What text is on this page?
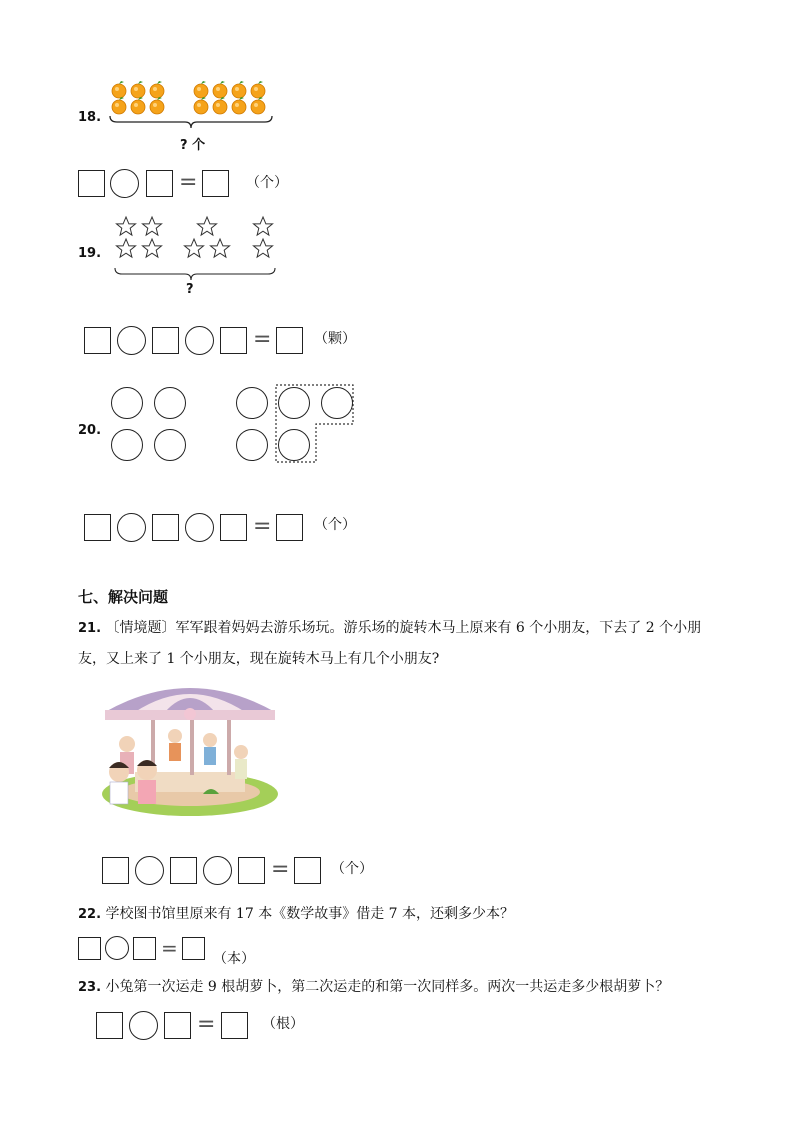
18.
? 个
=	（个）
19.
?
=	（颗）
20.
=	（个）
七、解决问题
21. 〔情境题〕军军跟着妈妈去游乐场玩。游乐场的旋转木马上原来有 6 个小朋友，下去了 2 个小朋
友，又上来了 1 个小朋友，现在旋转木马上有几个小朋友?
=	（个）
22. 学校图书馆里原来有 17 本《数学故事》借走 7 本，还剩多少本？
=	（本）
23. 小兔第一次运走 9 根胡萝卜，第二次运走的和第一次同样多。两次一共运走多少根胡萝卜？
=	（根）
